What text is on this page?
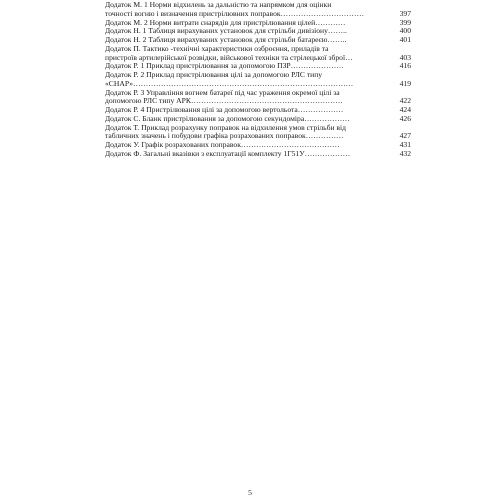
Додаток М. 1 Норми відхилень за дальністю та напрямком для оцінки
точності вогню і визначення пристрілювних поправок……………………………	397
Додаток М. 2 Норми витрати снарядів для пристрілювання цілей…………	399
Додаток Н. 1 Таблиця вирахуваних установок для стрільби дивізіону……..	400
Додаток Н. 2 Таблиця вирахуваних установок для стрільби батареєю……..	401
Додаток П. Тактико -технічні характеристики озброєння, приладів та
пристроїв артилерійської розвідки, військової техніки та стрілецької зброї…	403
Додаток Р. 1 Приклад пристрілювання за допомогою ПЗР…………………	416
Додаток Р. 2 Приклад пристрілювання цілі за допомогою РЛС типу
«СНАР»……………………………………………………………………………	419
Додаток Р. 3 Управління вогнем батареї під час ураження окремої цілі за
допомогою РЛС типу АРК……………………………………………………	422
Додаток Р. 4 Пристрілювання цілі за допомогою вертольота………………	424
Додаток С. Бланк пристрілювання за допомогою секундоміра………………	426
Додаток Т. Приклад розрахунку поправок на відхилення умов стрільби від
табличних значень і побудови графіка розрахованих поправок……………	427
Додаток У. Графік розрахованих поправок…………………………………	431
Додаток Ф. Загальні вказівки з експлуатації комплекту 1Г51У………………	432
5
